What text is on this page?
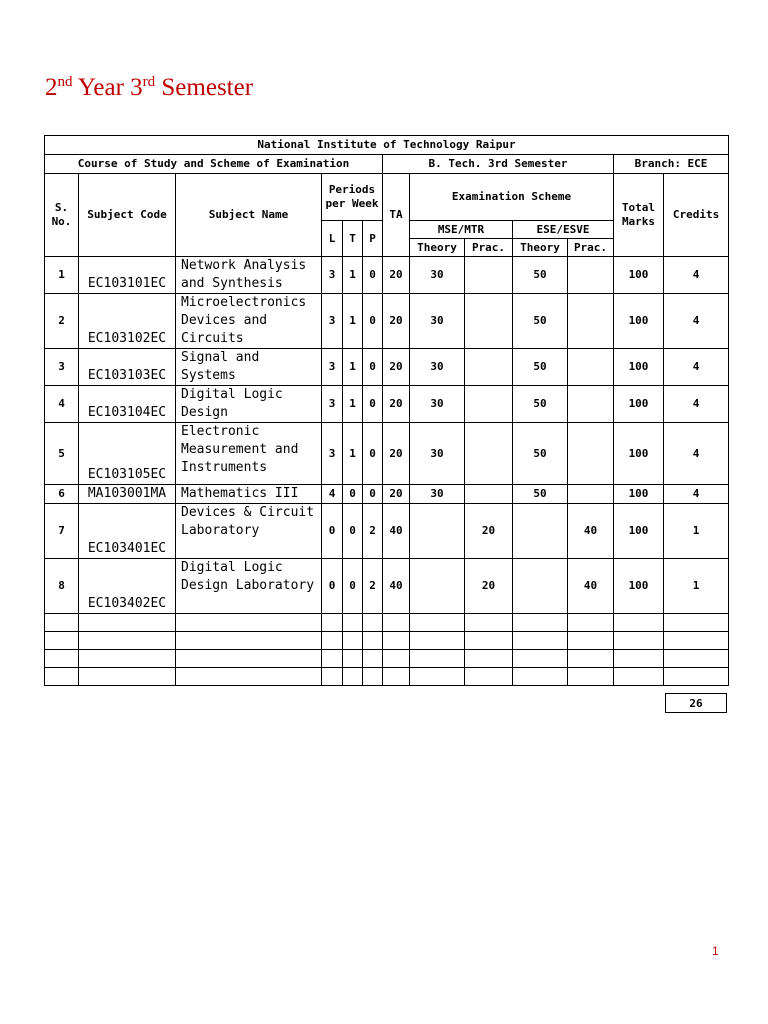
2nd Year 3rd Semester
National Institute of Technology Raipur												
Course of Study and Scheme of Examination						B. Tech. 3rd Semester					Branch: ECE	
S. No.	Subject Code	Subject Name	Periods per Week			TA	Examination Scheme				Total Marks	Credits
			L	T	P		MSE/MTR		ESE/ESVE			
							Theory	Prac.	Theory	Prac.		
1	EC103101EC	Network Analysis and Synthesis	3	1	0	20	30		50		100	4
2	EC103102EC	Microelectronics Devices and Circuits	3	1	0	20	30		50		100	4
3	EC103103EC	Signal and Systems	3	1	0	20	30		50		100	4
4	EC103104EC	Digital Logic Design	3	1	0	20	30		50		100	4
5	EC103105EC	Electronic Measurement and Instruments	3	1	0	20	30		50		100	4
6	MA103001MA	Mathematics III	4	0	0	20	30		50		100	4
7	EC103401EC	Devices & Circuit Laboratory	0	0	2	40		20		40	100	1
8	EC103402EC	Digital Logic Design Laboratory	0	0	2	40		20		40	100	1

26
1
